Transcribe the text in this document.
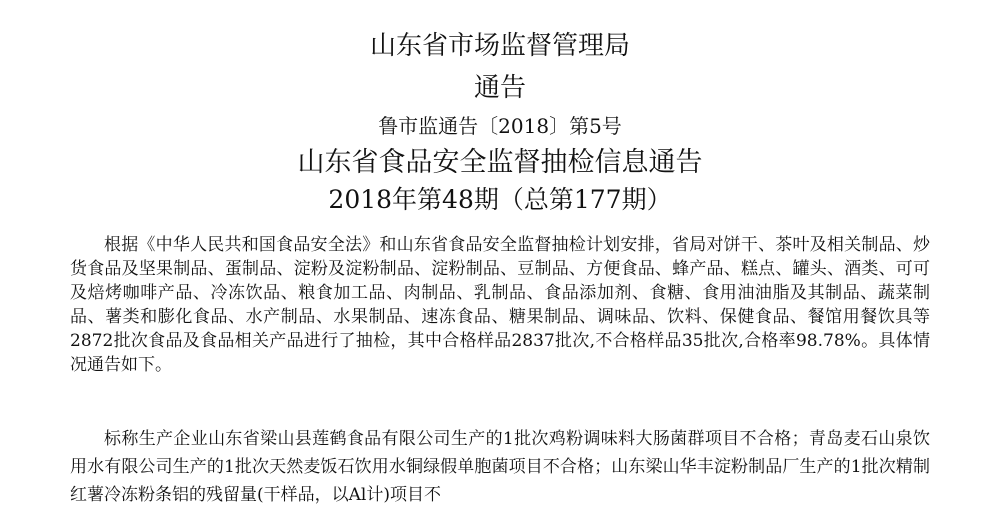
山东省市场监督管理局
通告
鲁市监通告〔2018〕第5号
山东省食品安全监督抽检信息通告
2018年第48期（总第177期）

根据《中华人民共和国食品安全法》和山东省食品安全监督抽检计划安排，省局对饼干、茶叶及相关制品、炒货食品及坚果制品、蛋制品、淀粉及淀粉制品、淀粉制品、豆制品、方便食品、蜂产品、糕点、罐头、酒类、可可及焙烤咖啡产品、冷冻饮品、粮食加工品、肉制品、乳制品、食品添加剂、食糖、食用油油脂及其制品、蔬菜制品、薯类和膨化食品、水产制品、水果制品、速冻食品、糖果制品、调味品、饮料、保健食品、餐馆用餐饮具等2872批次食品及食品相关产品进行了抽检，其中合格样品2837批次,不合格样品35批次,合格率98.78%。具体情况通告如下。

标称生产企业山东省梁山县莲鹤食品有限公司生产的1批次鸡粉调味料大肠菌群项目不合格；青岛麦石山泉饮用水有限公司生产的1批次天然麦饭石饮用水铜绿假单胞菌项目不合格；山东梁山华丰淀粉制品厂生产的1批次精制红薯冷冻粉条铝的残留量(干样品，以Al计)项目不
